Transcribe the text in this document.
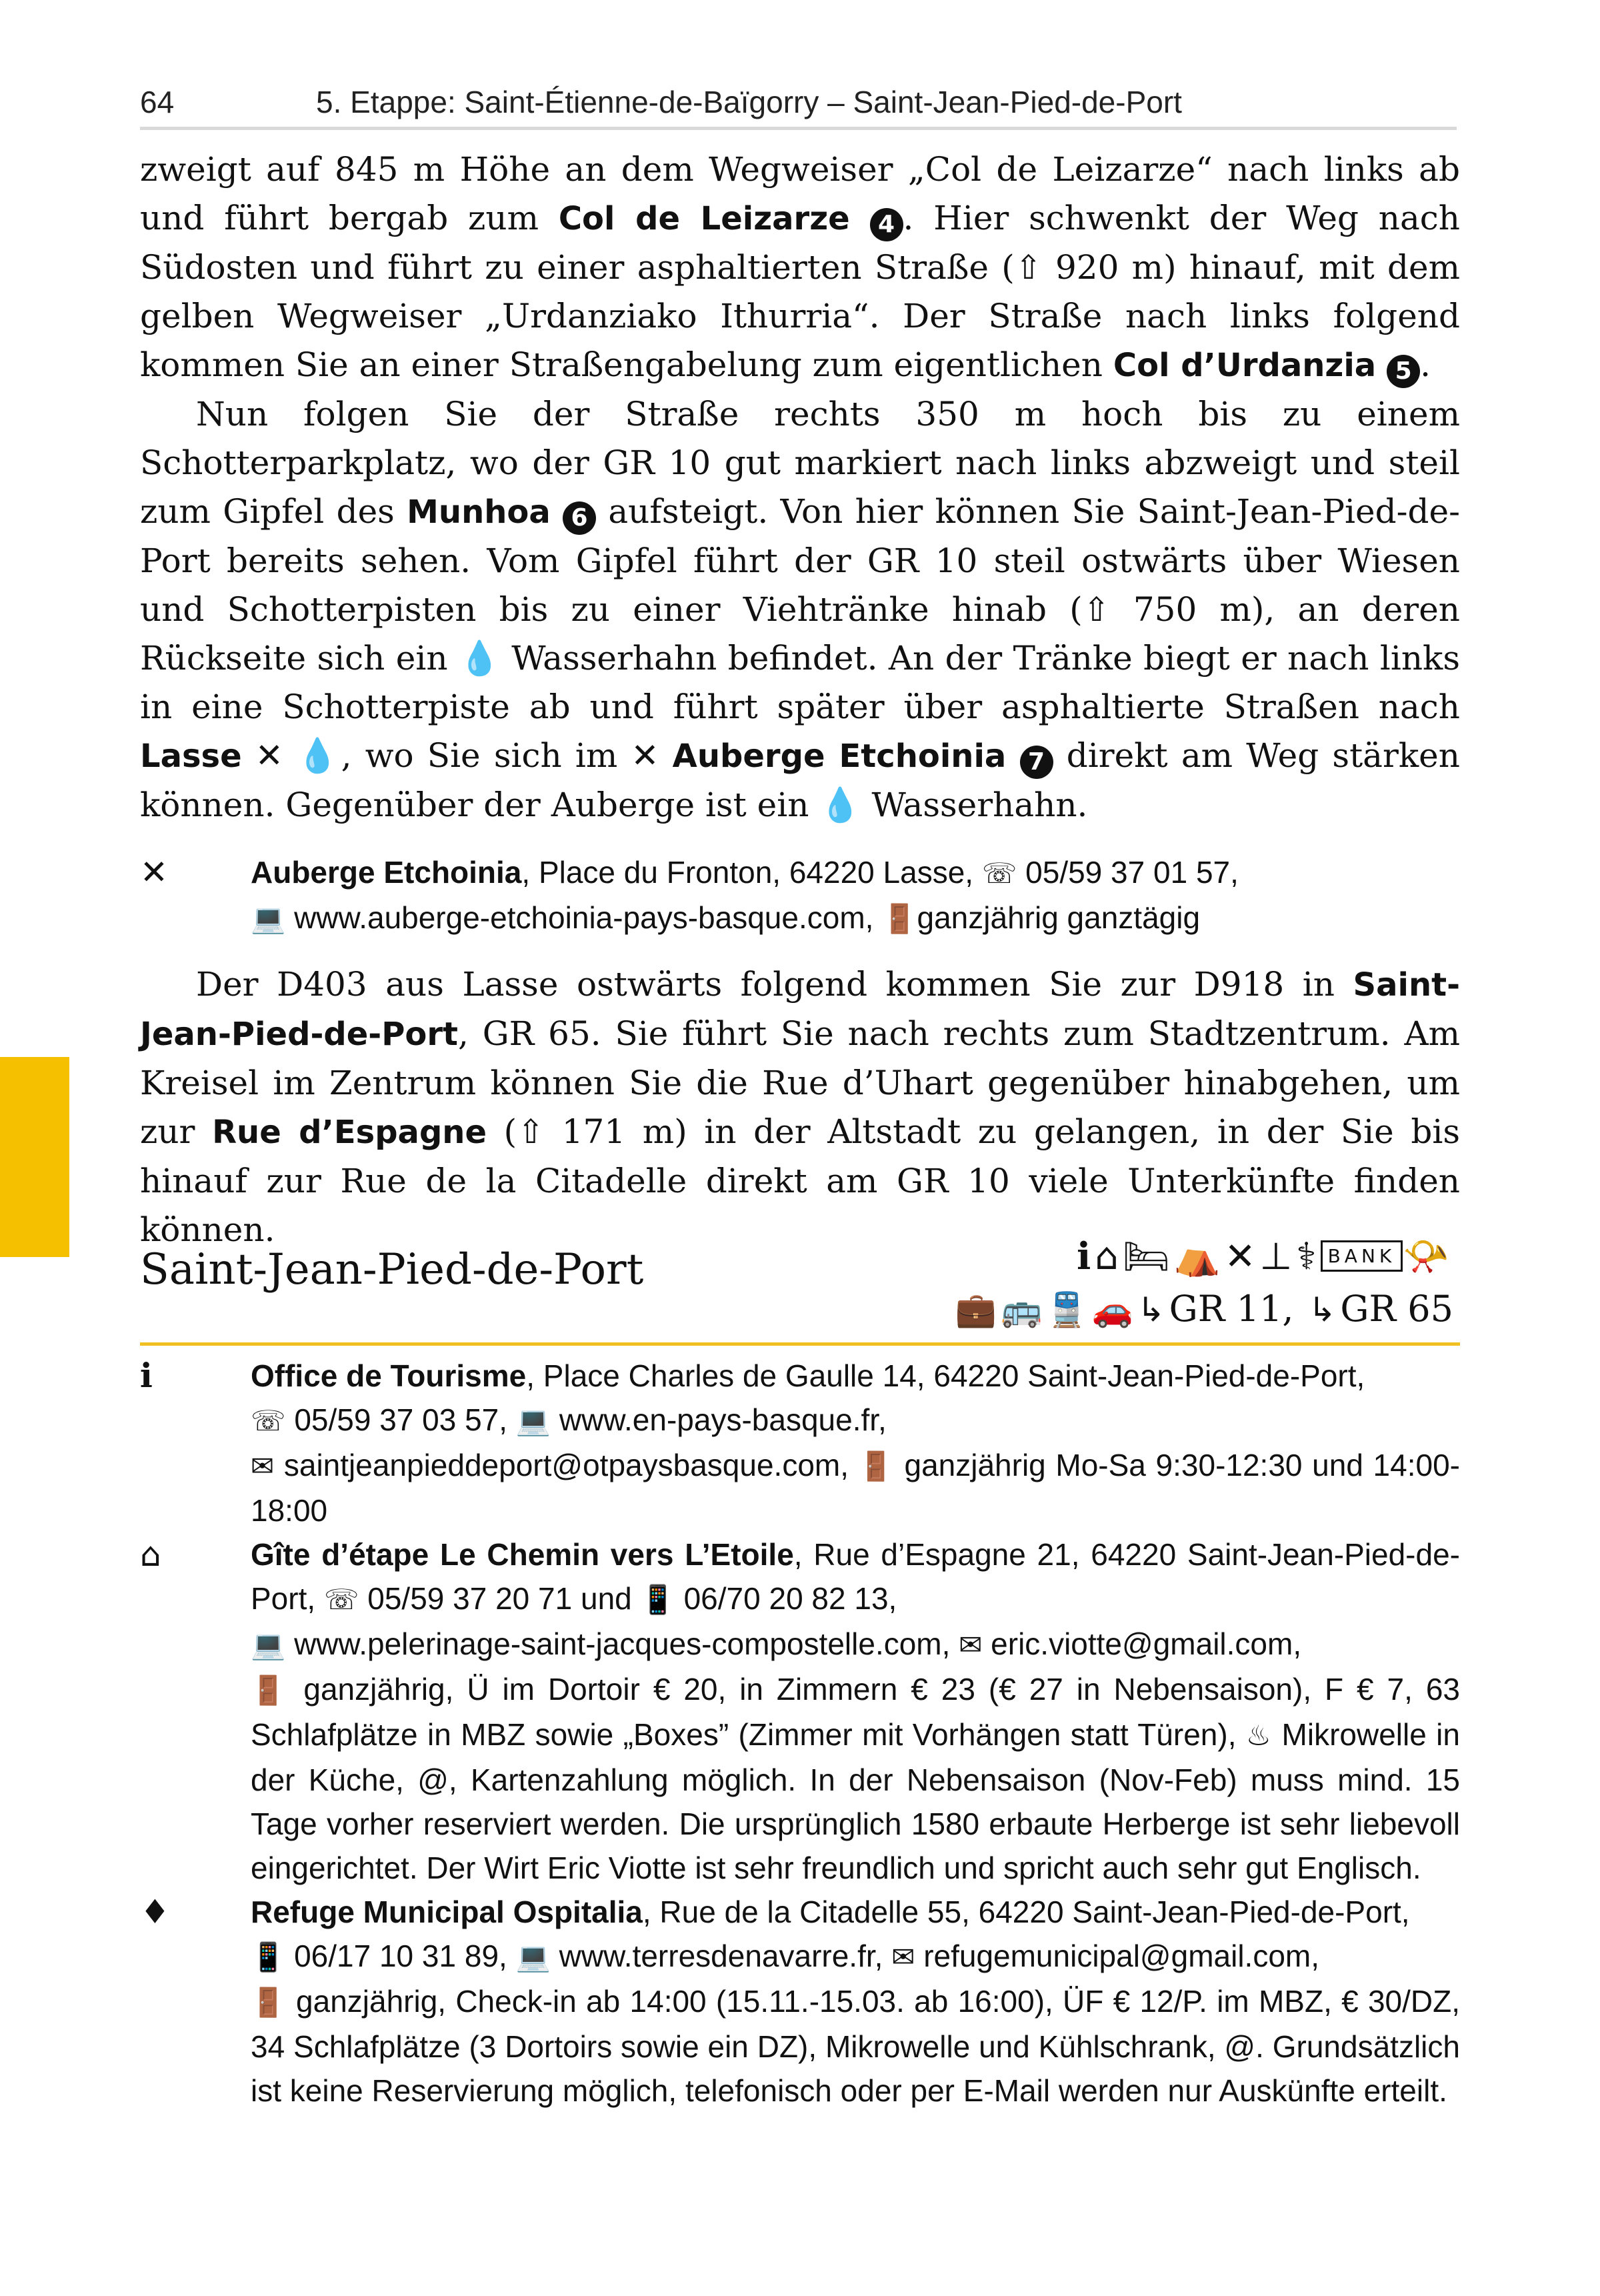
64	5. Etappe: Saint-Étienne-de-Baïgorry – Saint-Jean-Pied-de-Port

zweigt auf 845 m Höhe an dem Wegweiser „Col de Leizarze“ nach links ab und führt bergab zum Col de Leizarze 4 . Hier schwenkt der Weg nach Südosten und führt zu einer asphaltierten Straße (⇧ 920 m) hinauf, mit dem gelben Wegweiser „Urdanziako Ithurria“. Der Straße nach links folgend kommen Sie an einer Straßengabelung zum eigentlichen Col d’Urdanzia 5 .

Nun folgen Sie der Straße rechts 350 m hoch bis zu einem Schotterparkplatz, wo der GR 10 gut markiert nach links abzweigt und steil zum Gipfel des Munhoa 6 aufsteigt. Von hier können Sie Saint-Jean-Pied-de-Port bereits sehen. Vom Gipfel führt der GR 10 steil ostwärts über Wiesen und Schotterpisten bis zu einer Viehtränke hinab (⇧ 750 m), an deren Rückseite sich ein 💧 Wasserhahn befindet. An der Tränke biegt er nach links in eine Schotterpiste ab und führt später über asphaltierte Straßen nach Lasse ✕ 💧, wo Sie sich im ✕ Auberge Etchoinia 7 direkt am Weg stärken können. Gegenüber der Auberge ist ein 💧 Wasserhahn.

✕	Auberge Etchoinia, Place du Fronton, 64220 Lasse, ☏ 05/59 37 01 57,
💻 www.auberge-etchoinia-pays-basque.com, 🚪ganzjährig ganztägig

Der D403 aus Lasse ostwärts folgend kommen Sie zur D918 in Saint-Jean-Pied-de-Port, GR 65. Sie führt Sie nach rechts zum Stadtzentrum. Am Kreisel im Zentrum können Sie die Rue d’Uhart gegenüber hinabgehen, um zur Rue d’Espagne (⇧ 171 m) in der Altstadt zu gelangen, in der Sie bis hinauf zur Rue de la Citadelle direkt am GR 10 viele Unterkünfte finden können.

Saint-Jean-Pied-de-Port	ℹ⌂🛏⛺✕⊥⚕ BANK 📯
💼🚌🚆🚗↳GR 11, ↳GR 65
ℹ	Office de Tourisme, Place Charles de Gaulle 14, 64220 Saint-Jean-Pied-de-Port,
☏ 05/59 37 03 57, 💻 www.en-pays-basque.fr,
✉ saintjeanpieddeport@otpaysbasque.com, 🚪 ganzjährig Mo-Sa 9:30-12:30 und 14:00-18:00
⌂	Gîte d’étape Le Chemin vers L’Etoile, Rue d’Espagne 21, 64220 Saint-Jean-Pied-de-Port, ☏ 05/59 37 20 71 und 📱 06/70 20 82 13,
💻 www.pelerinage-saint-jacques-compostelle.com, ✉ eric.viotte@gmail.com,
🚪 ganzjährig, Ü im Dortoir € 20, in Zimmern € 23 (€ 27 in Nebensaison), F € 7, 63 Schlafplätze in MBZ sowie „Boxes” (Zimmer mit Vorhängen statt Türen), ♨ Mikrowelle in der Küche, @, Kartenzahlung möglich. In der Nebensaison (Nov-Feb) muss mind. 15 Tage vorher reserviert werden. Die ursprünglich 1580 erbaute Herberge ist sehr liebevoll eingerichtet. Der Wirt Eric Viotte ist sehr freundlich und spricht auch sehr gut Englisch.
♦	Refuge Municipal Ospitalia, Rue de la Citadelle 55, 64220 Saint-Jean-Pied-de-Port,
📱 06/17 10 31 89, 💻 www.terresdenavarre.fr, ✉ refugemunicipal@gmail.com,
🚪 ganzjährig, Check-in ab 14:00 (15.11.-15.03. ab 16:00), ÜF € 12/P. im MBZ, € 30/DZ, 34 Schlafplätze (3 Dortoirs sowie ein DZ), Mikrowelle und Kühlschrank, @. Grundsätzlich ist keine Reservierung möglich, telefonisch oder per E-Mail werden nur Auskünfte erteilt.
